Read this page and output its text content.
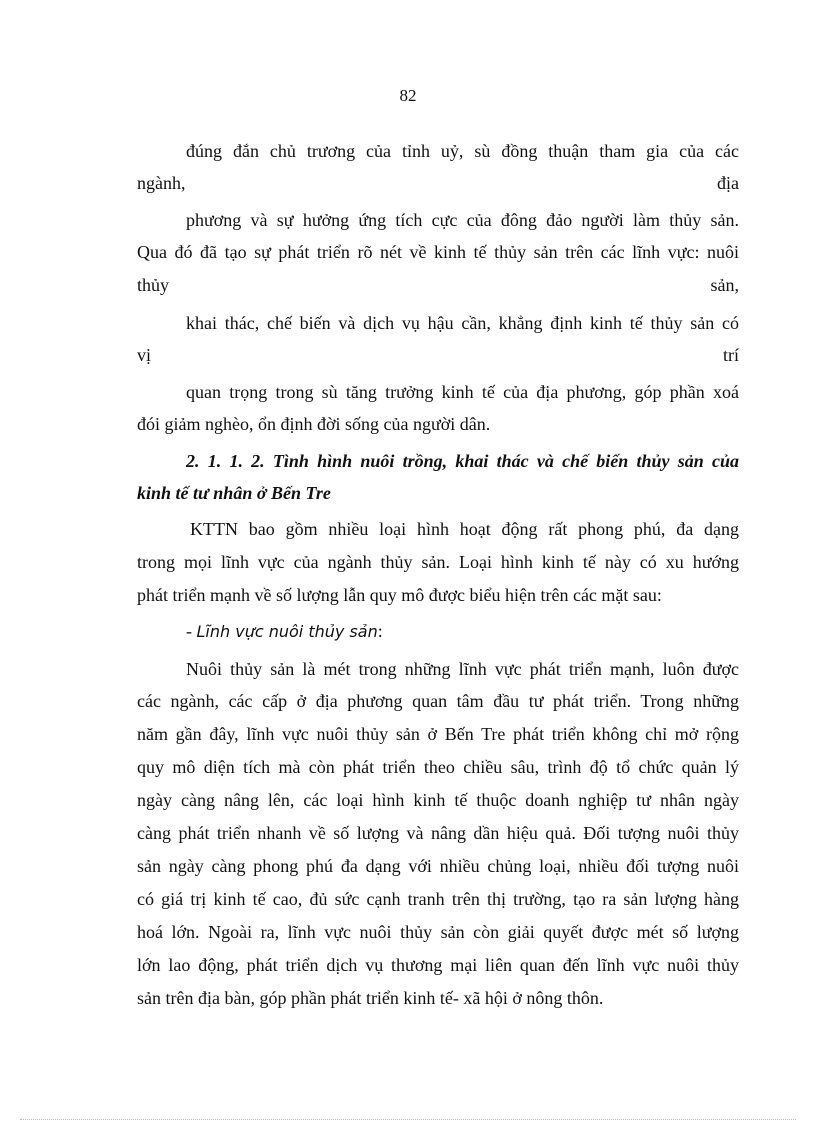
82
đúng đắn chủ trương của tỉnh uỷ, sù đồng thuận tham gia của các
ngành,	địa
phương và sự hưởng ứng tích cực của đông đảo người làm thủy sản.
Qua đó đã tạo sự phát triển rõ nét về kinh tế thủy sản trên các lĩnh vực: nuôi
thủy	sản,
khai thác, chế biến và dịch vụ hậu cần, khẳng định kinh tế thủy sản có
vị	trí
quan trọng trong sù tăng trưởng kinh tế của địa phương, góp phần xoá
đói giảm nghèo, ổn định đời sống của người dân.
2. 1. 1. 2. Tình hình nuôi trồng, khai thác và chế biến thủy sản của
kinh tế tư nhân ở Bến Tre
KTTN bao gồm nhiều loại hình hoạt động rất phong phú, đa dạng
trong mọi lĩnh vực của ngành thủy sản. Loại hình kinh tế này có xu hướng
phát triển mạnh về số lượng lẫn quy mô được biểu hiện trên các mặt sau:
- Lĩnh vực nuôi thủy sản:
Nuôi thủy sản là mét trong những lĩnh vực phát triển mạnh, luôn được
các ngành, các cấp ở địa phương quan tâm đầu tư phát triển. Trong những
năm gần đây, lĩnh vực nuôi thủy sản ở Bến Tre phát triển không chỉ mở rộng
quy mô diện tích mà còn phát triển theo chiều sâu, trình độ tổ chức quản lý
ngày càng nâng lên, các loại hình kinh tế thuộc doanh nghiệp tư nhân ngày
càng phát triển nhanh về số lượng và nâng dần hiệu quả. Đối tượng nuôi thủy
sản ngày càng phong phú đa dạng với nhiều chủng loại, nhiều đối tượng nuôi
có giá trị kinh tế cao, đủ sức cạnh tranh trên thị trường, tạo ra sản lượng hàng
hoá lớn. Ngoài ra, lĩnh vực nuôi thủy sản còn giải quyết được mét số lượng
lớn lao động, phát triển dịch vụ thương mại liên quan đến lĩnh vực nuôi thủy
sản trên địa bàn, góp phần phát triển kinh tế- xã hội ở nông thôn.
